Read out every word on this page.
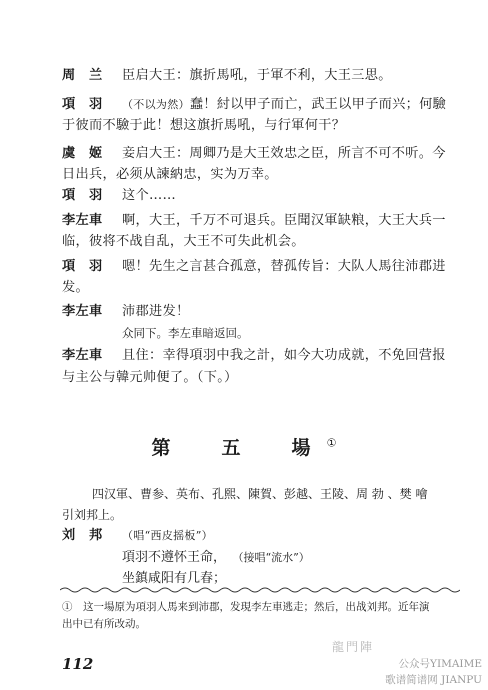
周　兰 臣启大王：旗折馬吼，于軍不利，大王三思。
項　羽 （不以为然）蠢！紂以甲子而亡，武王以甲子而兴；何驗
于彼而不驗于此！想这旗折馬吼，与行軍何干？
虞　姬 妾启大王：周卿乃是大王效忠之臣，所言不可不听。今
日出兵，必须从諫納忠，实为万幸。
項　羽 这个……
李左車 啊，大王，千万不可退兵。臣聞汉軍缺粮，大王大兵一
临，彼将不战自乱，大王不可失此机会。
項　羽 嗯！先生之言甚合孤意，替孤传旨：大队人馬往沛郡进
发。
李左車 沛郡进发！
众同下。李左車暗返回。
李左車 且住：幸得項羽中我之計，如今大功成就，不免回营报
与主公与韓元帅便了。（下。）
第　五　場①
四汉軍、曹参、英布、孔熙、陳賀、彭越、王陵、周 勃 、樊 噲
引刘邦上。
刘　邦 （唱“西皮摇板”）
項羽不遵怀王命， （接唱“流水”）
坐鎮咸阳有几春；
①　这一場原为項羽人馬来到沛郡，发現李左車逃走；然后，出战刘邦。近年演
出中已有所改动。
112
龍門陣
公众号YIMAIME
歌谱简谱网 JIANPU
